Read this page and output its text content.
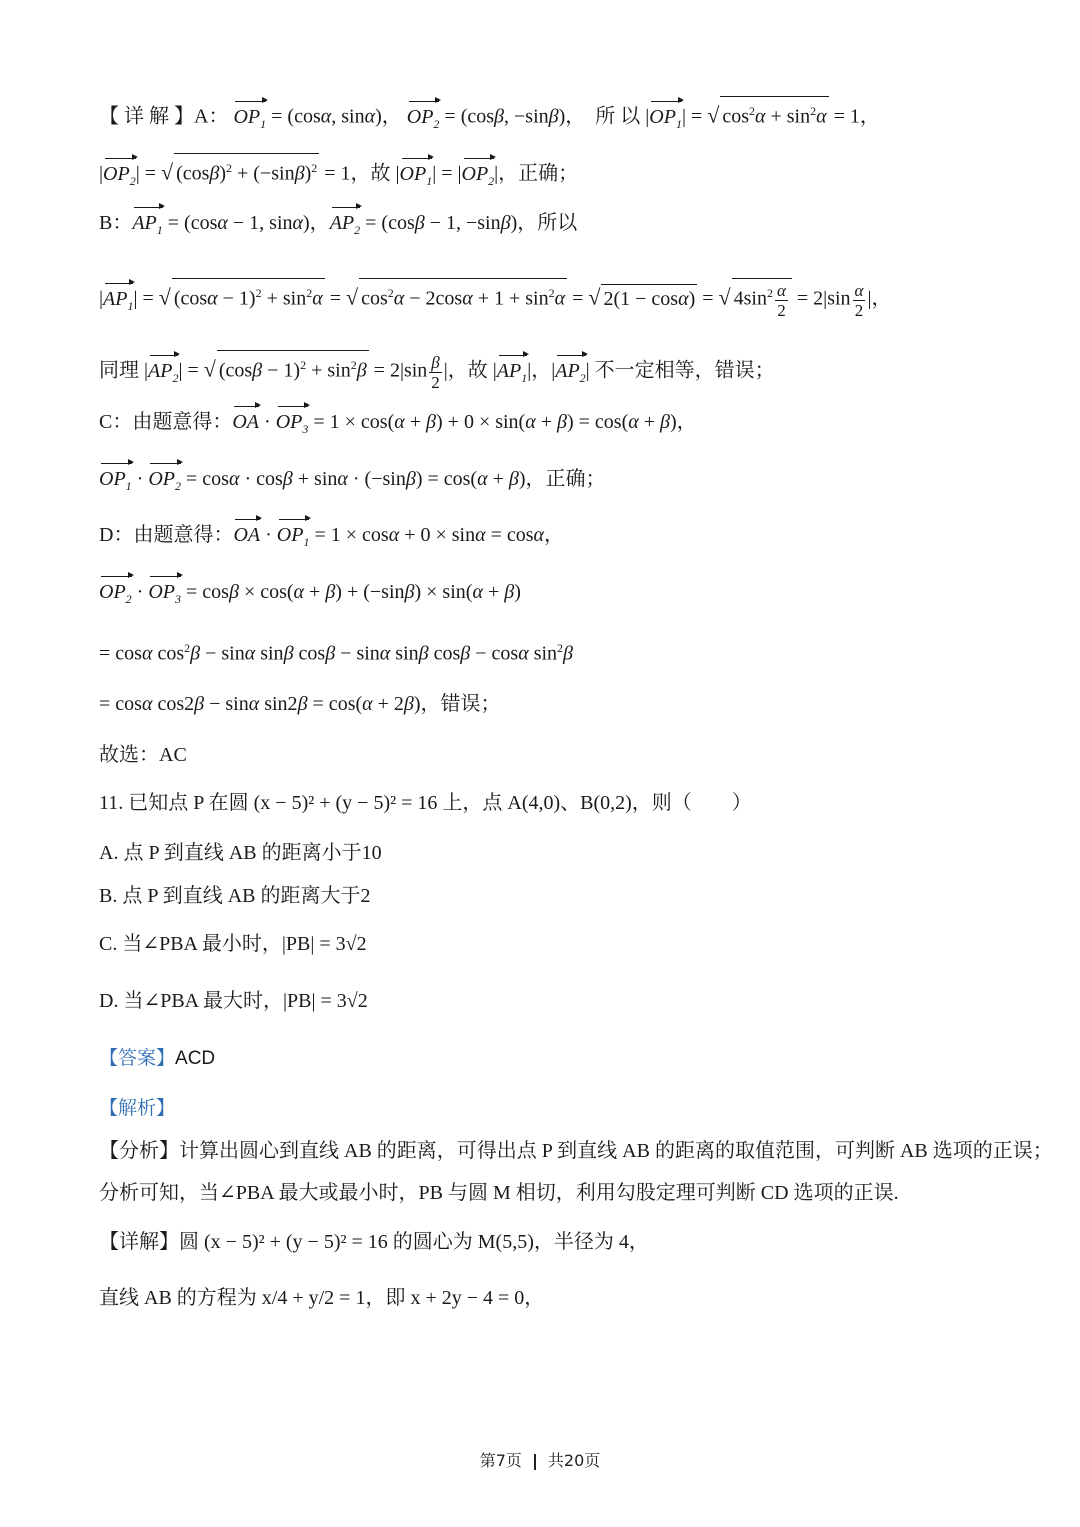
【 详 解 】A： $OP_1 = (\cos\alpha$, sinα)， $OP_2 = (\cos\beta$, −sinβ)，　所 以 $|OP_1|$ = √ $\cos^2\alpha + \sin^2\alpha = 1$，
$|OP_2|$ = √ $(\cos\beta)^2 + (-\sin\beta)^2 = 1$，故 $|OP_1| = |OP_2|$，正确；
B：$AP_1 = (\cos\alpha - 1$, sinα)，$AP_2 = (\cos\beta - 1$, −sinβ)，所以
$|AP_1|$ = √ $(\cos\alpha - 1)^2 + \sin^2\alpha$ = √ $\cos^2\alpha - 2\cos\alpha + 1 + \sin^2\alpha$ = √ 2(1 − cosα) = √ $4\sin^2 \frac{\alpha}{2} = 2|\sin \frac{\alpha}{2}$ |，
同理 $|AP_2|$ = √ $(\cos\beta - 1)^2 + \sin^2\beta = 2|\sin \frac{\beta}{2}$ |，故 $|AP_1|$，$|AP_2|$ 不一定相等，错误；
C：由题意得：OA · $OP_3 = 1 \times \cos(\alpha + \beta) + 0 \times \sin(\alpha + \beta) = \cos(\alpha + \beta)$，
$OP_1 \cdot OP_2 = \cos\alpha \cdot \cos\beta + \sin\alpha \cdot (-\sin\beta) = \cos(\alpha + \beta)$，正确；
D：由题意得：OA · $OP_1 = 1 \times \cos\alpha + 0 \times \sin\alpha = \cos\alpha$，
$OP_2 \cdot OP_3 = \cos\beta \times \cos(\alpha + \beta) + (-\sin\beta) \times \sin(\alpha + \beta)$
= cosα $\cos^2\beta - \sin\alpha$ sinβ cosβ − sinα sinβ cosβ − cosα $\sin^2\beta$
= cosα cos2β − sinα sin2β = cos(α + 2β)，错误；
故选：AC
11. 已知点 P 在圆 (x − 5)² + (y − 5)² = 16 上，点 A(4,0)、B(0,2)，则（　　）
A. 点 P 到直线 AB 的距离小于10
B. 点 P 到直线 AB 的距离大于2
C. 当∠PBA 最小时，|PB| = 3√2
D. 当∠PBA 最大时，|PB| = 3√2
【答案】ACD
【解析】
【分析】计算出圆心到直线 AB 的距离，可得出点 P 到直线 AB 的距离的取值范围，可判断 AB 选项的正误；
分析可知，当∠PBA 最大或最小时，PB 与圆 M 相切，利用勾股定理可判断 CD 选项的正误.
【详解】圆 (x − 5)² + (y − 5)² = 16 的圆心为 M(5,5)，半径为 4，
直线 AB 的方程为 x/4 + y/2 = 1，即 x + 2y − 4 = 0，
第7页 共20页
